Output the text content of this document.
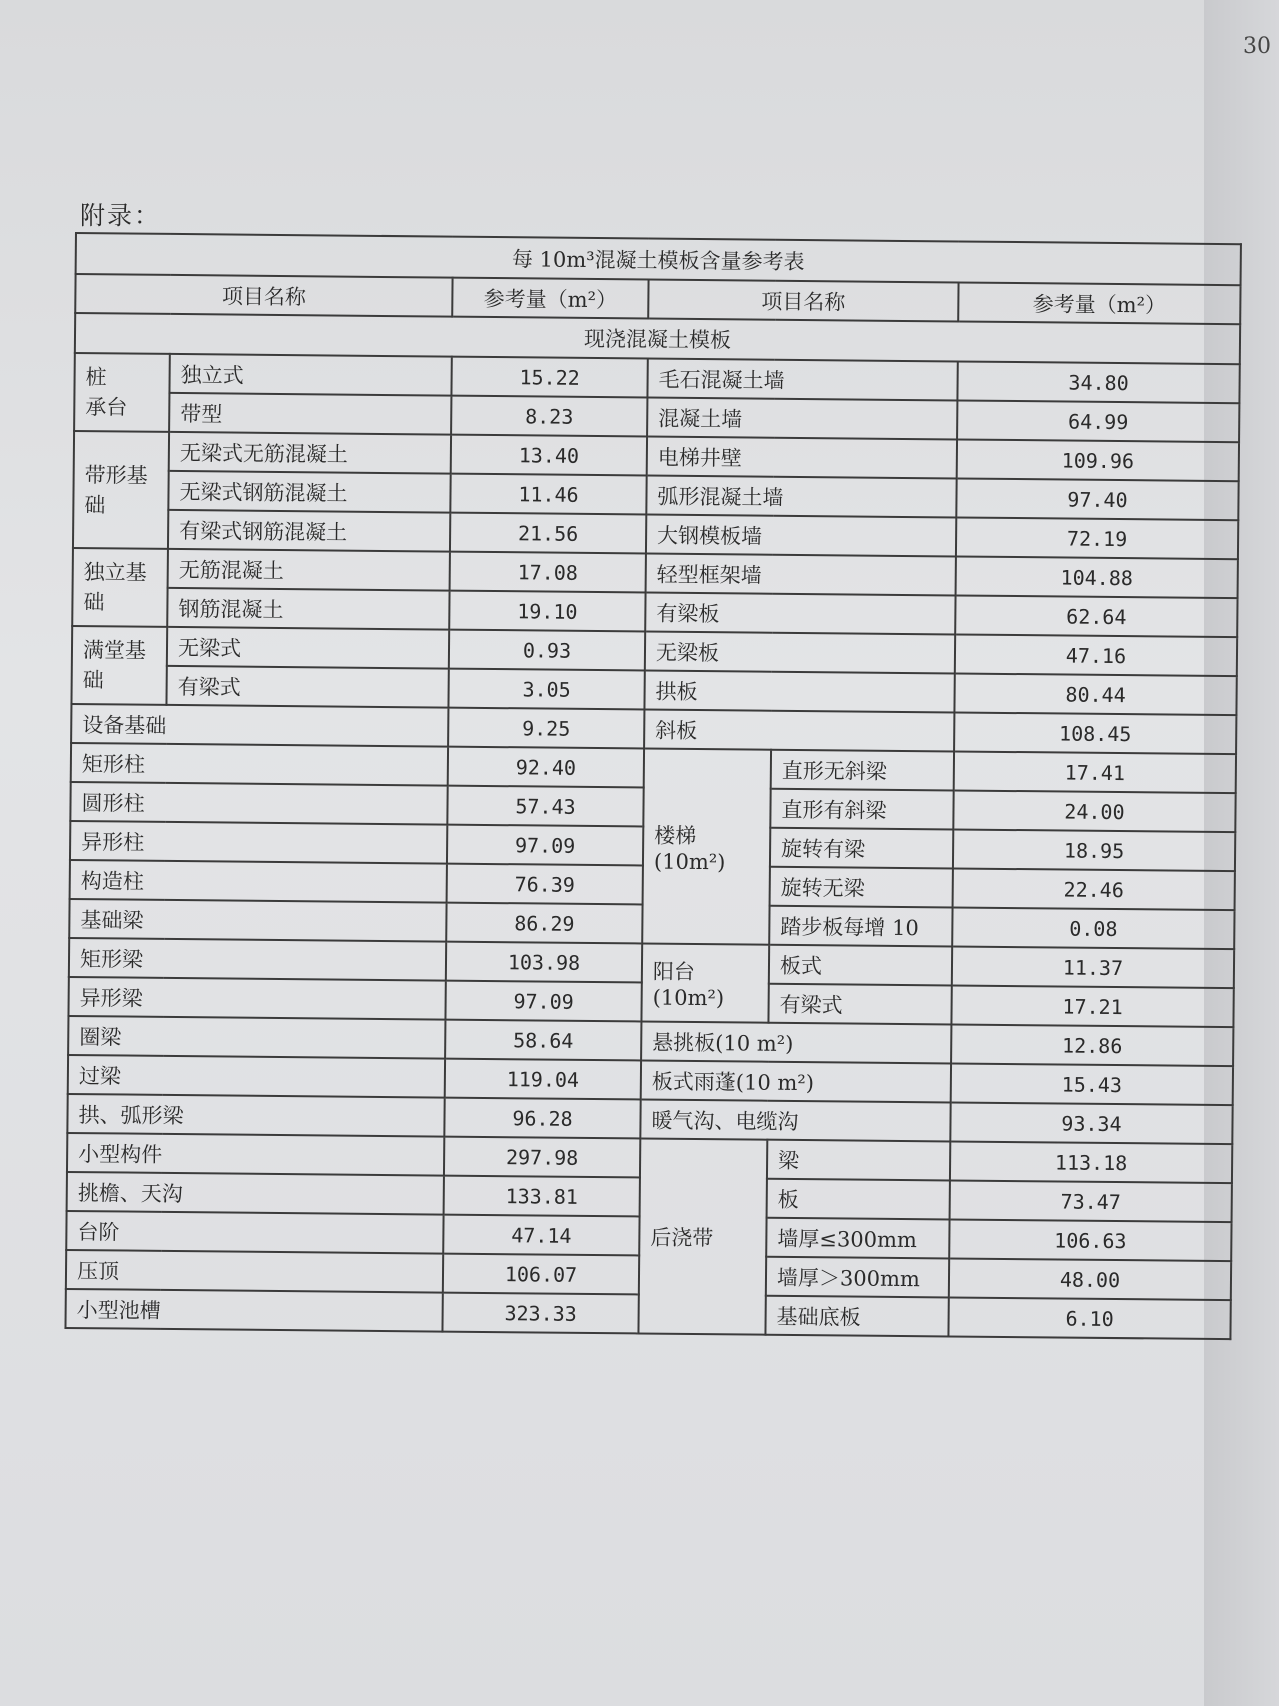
30
附录：
每 10m³混凝土模板含量参考表					
项目名称		参考量（m²）	项目名称		参考量（m²）
现浇混凝土模板					
桩
承台	独立式	15.22	毛石混凝土墙		34.80
	带型	8.23	混凝土墙		64.99
带形基
础	无梁式无筋混凝土	13.40	电梯井壁		109.96
	无梁式钢筋混凝土	11.46	弧形混凝土墙		97.40
	有梁式钢筋混凝土	21.56	大钢模板墙		72.19
独立基
础	无筋混凝土	17.08	轻型框架墙		104.88
	钢筋混凝土	19.10	有梁板		62.64
满堂基
础	无梁式	0.93	无梁板		47.16
	有梁式	3.05	拱板		80.44
设备基础		9.25	斜板		108.45
矩形柱		92.40	楼梯(10m²)	直形无斜梁	17.41
圆形柱		57.43		直形有斜梁	24.00
异形柱		97.09		旋转有梁	18.95
构造柱		76.39		旋转无梁	22.46
基础梁		86.29		踏步板每增 10	0.08
矩形梁		103.98	阳台(10m²)	板式	11.37
异形梁		97.09		有梁式	17.21
圈梁		58.64	悬挑板(10 m²)		12.86
过梁		119.04	板式雨蓬(10 m²)		15.43
拱、弧形梁		96.28	暖气沟、电缆沟		93.34
小型构件		297.98	后浇带	梁	113.18
挑檐、天沟		133.81		板	73.47
台阶		47.14		墙厚≤300mm	106.63
压顶		106.07		墙厚＞300mm	48.00
小型池槽		323.33		基础底板	6.10
